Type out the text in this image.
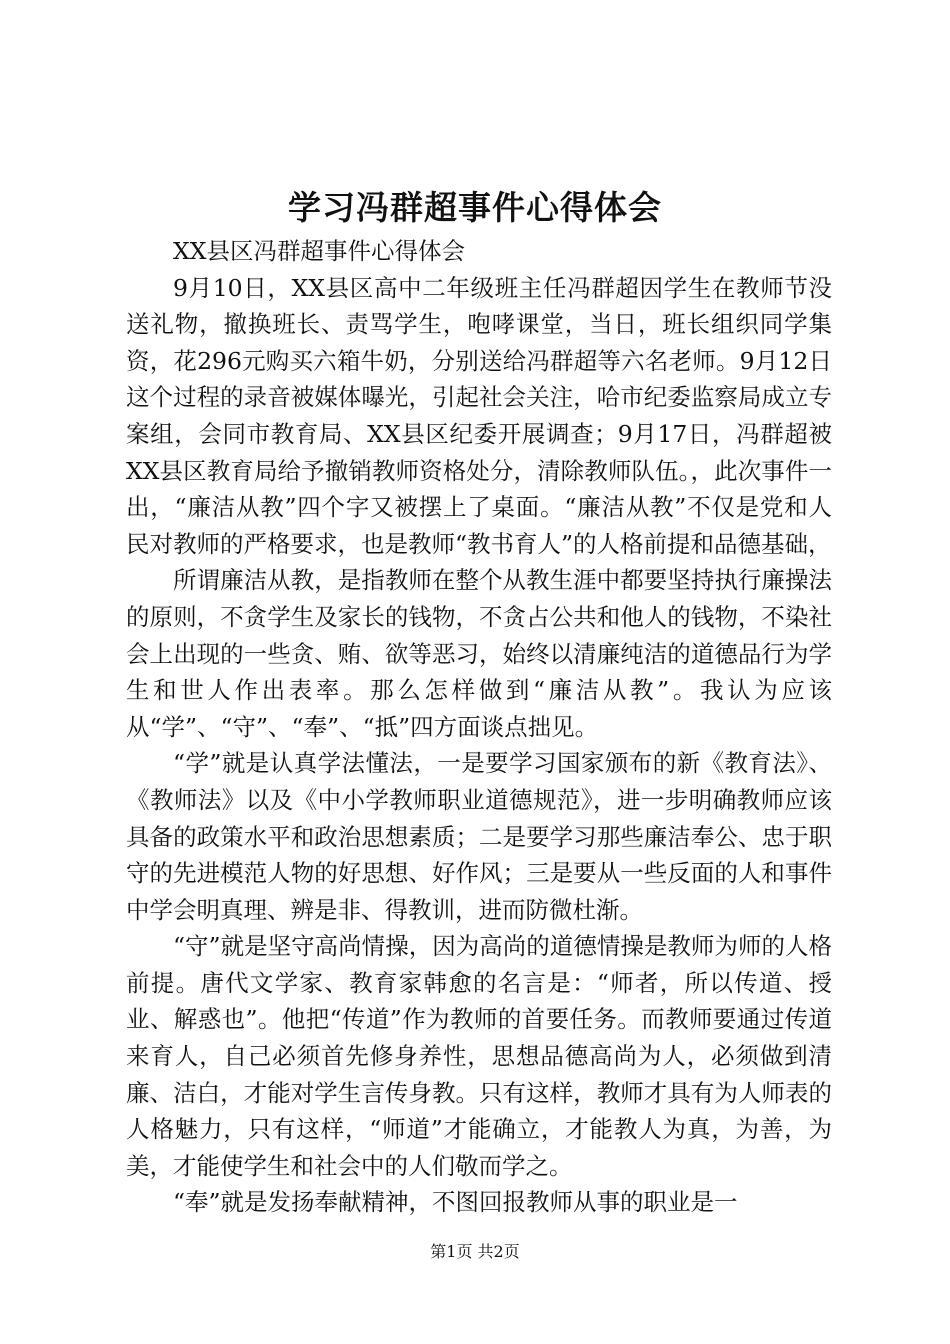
学习冯群超事件心得体会

XX县区冯群超事件心得体会

9月10日，XX县区高中二年级班主任冯群超因学生在教师节没送礼物，撤换班长、责骂学生，咆哮课堂，当日，班长组织同学集资，花296元购买六箱牛奶，分别送给冯群超等六名老师。9月12日这个过程的录音被媒体曝光，引起社会关注，哈市纪委监察局成立专案组，会同市教育局、XX县区纪委开展调查；9月17日，冯群超被XX县区教育局给予撤销教师资格处分，清除教师队伍。，此次事件一出，“廉洁从教”四个字又被摆上了桌面。“廉洁从教”不仅是党和人民对教师的严格要求，也是教师“教书育人”的人格前提和品德基础，

所谓廉洁从教，是指教师在整个从教生涯中都要坚持执行廉操法的原则，不贪学生及家长的钱物，不贪占公共和他人的钱物，不染社会上出现的一些贪、贿、欲等恶习，始终以清廉纯洁的道德品行为学生和世人作出表率。那么怎样做到“廉洁从教”。我认为应该从“学”、“守”、“奉”、“抵”四方面谈点拙见。

“学”就是认真学法懂法，一是要学习国家颁布的新《教育法》、《教师法》以及《中小学教师职业道德规范》，进一步明确教师应该具备的政策水平和政治思想素质；二是要学习那些廉洁奉公、忠于职守的先进模范人物的好思想、好作风；三是要从一些反面的人和事件中学会明真理、辨是非、得教训，进而防微杜渐。

“守”就是坚守高尚情操，因为高尚的道德情操是教师为师的人格前提。唐代文学家、教育家韩愈的名言是：“师者，所以传道、授业、解惑也”。他把“传道”作为教师的首要任务。而教师要通过传道来育人，自己必须首先修身养性，思想品德高尚为人，必须做到清廉、洁白，才能对学生言传身教。只有这样，教师才具有为人师表的人格魅力，只有这样，“师道”才能确立，才能教人为真，为善，为美，才能使学生和社会中的人们敬而学之。

“奉”就是发扬奉献精神，不图回报教师从事的职业是一

第1页 共2页
